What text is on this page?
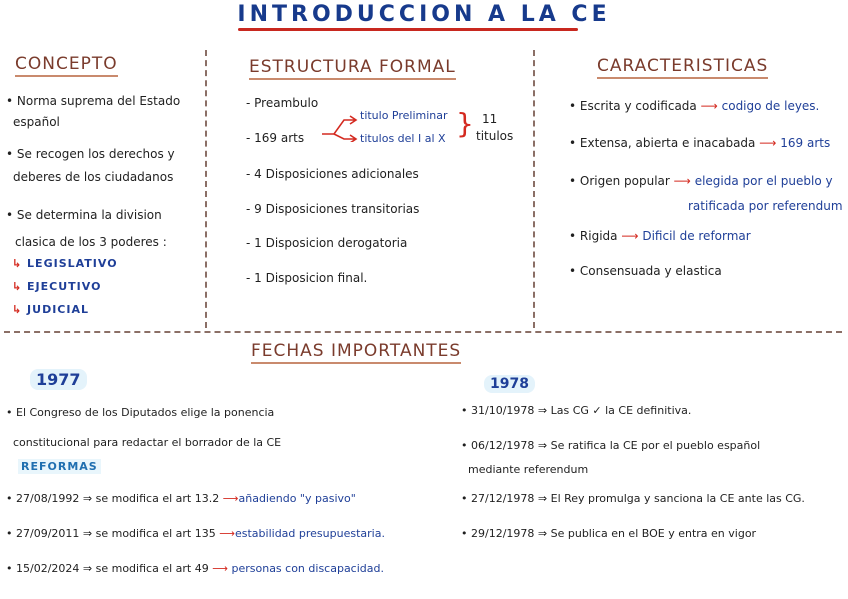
INTRODUCCION A LA CE
CONCEPTO
• Norma suprema del Estado
español
• Se recogen los derechos y
deberes de los ciudadanos
• Se determina la division
clasica de los 3 poderes :
↳ LEGISLATIVO
↳ EJECUTIVO
↳ JUDICIAL
ESTRUCTURA FORMAL
- Preambulo
- 169 arts
titulo Preliminar
titulos del I al X } 11
titulos
- 4 Disposiciones adicionales
- 9 Disposiciones transitorias
- 1 Disposicion derogatoria
- 1 Disposicion final.
CARACTERISTICAS
• Escrita y codificada ⟶ codigo de leyes.
• Extensa, abierta e inacabada ⟶ 169 arts
• Origen popular ⟶ elegida por el pueblo y
ratificada por referendum
• Rigida ⟶ Dificil de reformar
• Consensuada y elastica
FECHAS IMPORTANTES
1977
• El Congreso de los Diputados elige la ponencia
constitucional para redactar el borrador de la CE
REFORMAS
• 27/08/1992 ⇒ se modifica el art 13.2 ⟶añadiendo "y pasivo"
• 27/09/2011 ⇒ se modifica el art 135 ⟶estabilidad presupuestaria.
• 15/02/2024 ⇒ se modifica el art 49 ⟶ personas con discapacidad.
1978
• 31/10/1978 ⇒ Las CG ✓ la CE definitiva.
• 06/12/1978 ⇒ Se ratifica la CE por el pueblo español
mediante referendum
• 27/12/1978 ⇒ El Rey promulga y sanciona la CE ante las CG.
• 29/12/1978 ⇒ Se publica en el BOE y entra en vigor
